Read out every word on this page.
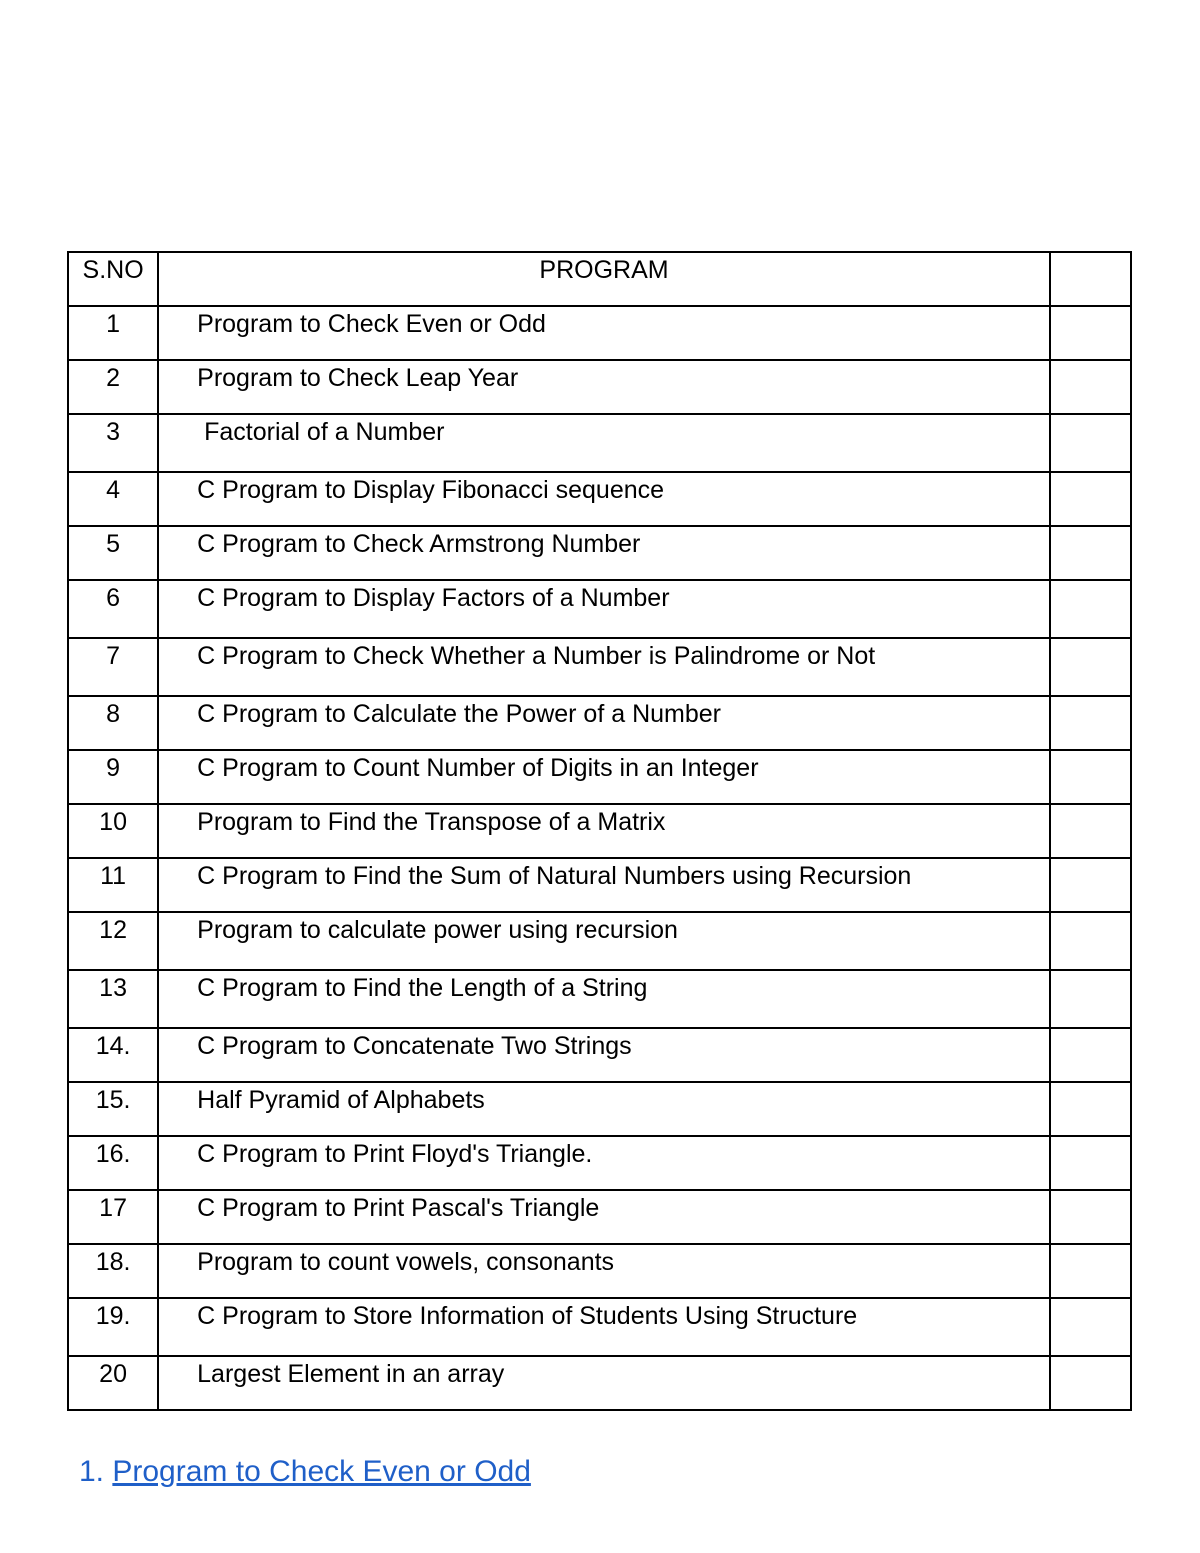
S.NO	PROGRAM	
1	Program to Check Even or Odd	
2	Program to Check Leap Year	
3	Factorial of a Number	
4	C Program to Display Fibonacci sequence	
5	C Program to Check Armstrong Number	
6	C Program to Display Factors of a Number	
7	C Program to Check Whether a Number is Palindrome or Not	
8	C Program to Calculate the Power of a Number	
9	C Program to Count Number of Digits in an Integer	
10	Program to Find the Transpose of a Matrix	
11	C Program to Find the Sum of Natural Numbers using Recursion	
12	Program to calculate power using recursion	
13	C Program to Find the Length of a String	
14.	C Program to Concatenate Two Strings	
15.	Half Pyramid of Alphabets	
16.	C Program to Print Floyd's Triangle.	
17	C Program to Print Pascal's Triangle	
18.	Program to count vowels, consonants	
19.	C Program to Store Information of Students Using Structure	
20	Largest Element in an array	
1. Program to Check Even or Odd
